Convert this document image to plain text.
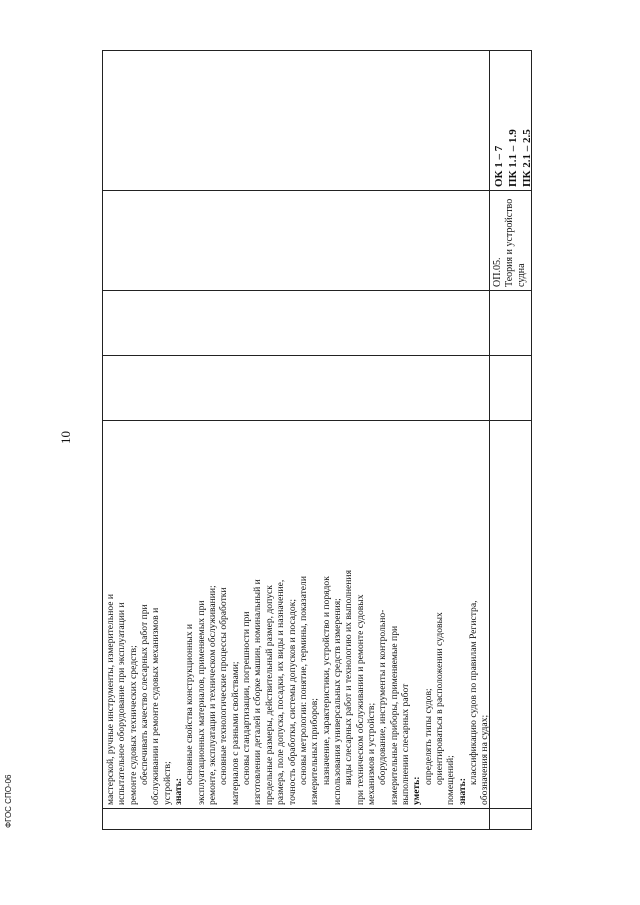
10
ФГОС СПО-06	мастерской, ручные инструменты, измерительное и испытательное оборудование при эксплуатации и ремонте судовых технических средств; обеспечивать качество слесарных работ при обслуживании и ремонте судовых механизмов и устройств; знать:
основные свойства конструкционных и эксплуатационных материалов, применяемых при ремонте, эксплуатации и техническом обслуживании; основные технологические процессы обработки материалов с разными свойствами; основы стандартизации, погрешности при изготовлении деталей и сборке машин, номинальный и предельные размеры, действительный размер, допуск размера, поле допуска, посадки, их виды и назначение, точность обработки, системы допусков и посадок; основы метрологии: понятие, термины, показатели измерительных приборов; назначение, характеристики, устройство и порядок использования универсальных средств измерения; виды слесарных работ и технологию их выполнения при техническом обслуживании и ремонте судовых механизмов и устройств; оборудование, инструменты и контрольно- измерительные приборы, применяемые при выполнении слесарных работ уметь:
определять типы судов; ориентироваться в расположении судовых помещений; знать:
классификацию судов по правилам Регистра, обозначения на судах;
ОП.05. Теория и устройство судна
ОК 1 – 7 ПК 1.1 – 1.9 ПК 2.1 – 2.5
